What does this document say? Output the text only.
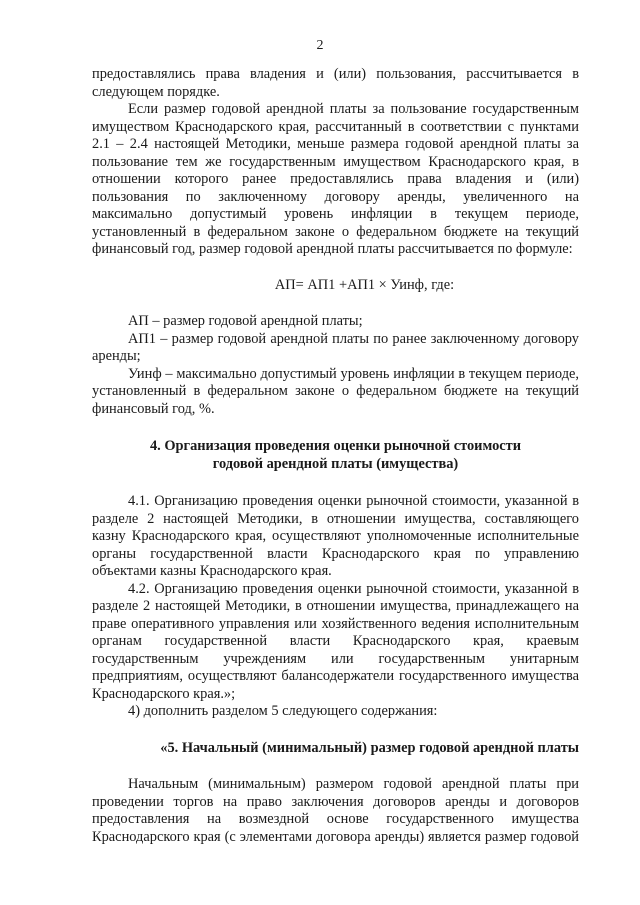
2

предоставлялись права владения и (или) пользования, рассчитывается в следующем порядке.

Если размер годовой арендной платы за пользование государственным имуществом Краснодарского края, рассчитанный в соответствии с пунктами 2.1 – 2.4 настоящей Методики, меньше размера годовой арендной платы за пользование тем же государственным имуществом Краснодарского края, в отношении которого ранее предоставлялись права владения и (или) пользования по заключенному договору аренды, увеличенного на максимально допустимый уровень инфляции в текущем периоде, установленный в федеральном законе о федеральном бюджете на текущий финансовый год, размер годовой арендной платы рассчитывается по формуле:

АП= АП1 +АП1 × Уинф, где:

АП – размер годовой арендной платы;

АП1 – размер годовой арендной платы по ранее заключенному договору аренды;

Уинф – максимально допустимый уровень инфляции в текущем периоде, установленный в федеральном законе о федеральном бюджете на текущий финансовый год, %.

4. Организация проведения оценки рыночной стоимости
годовой арендной платы (имущества)

4.1. Организацию проведения оценки рыночной стоимости, указанной в разделе 2 настоящей Методики, в отношении имущества, составляющего казну Краснодарского края, осуществляют уполномоченные исполнительные органы государственной власти Краснодарского края по управлению объектами казны Краснодарского края.

4.2. Организацию проведения оценки рыночной стоимости, указанной в разделе 2 настоящей Методики, в отношении имущества, принадлежащего на праве оперативного управления или хозяйственного ведения исполнительным органам государственной власти Краснодарского края, краевым государственным учреждениям или государственным унитарным предприятиям, осуществляют балансодержатели государственного имущества Краснодарского края.»;

4) дополнить разделом 5 следующего содержания:

«5. Начальный (минимальный) размер годовой арендной платы

Начальным (минимальным) размером годовой арендной платы при проведении торгов на право заключения договоров аренды и договоров предоставления на возмездной основе государственного имущества Краснодарского края (с элементами договора аренды) является размер годовой
